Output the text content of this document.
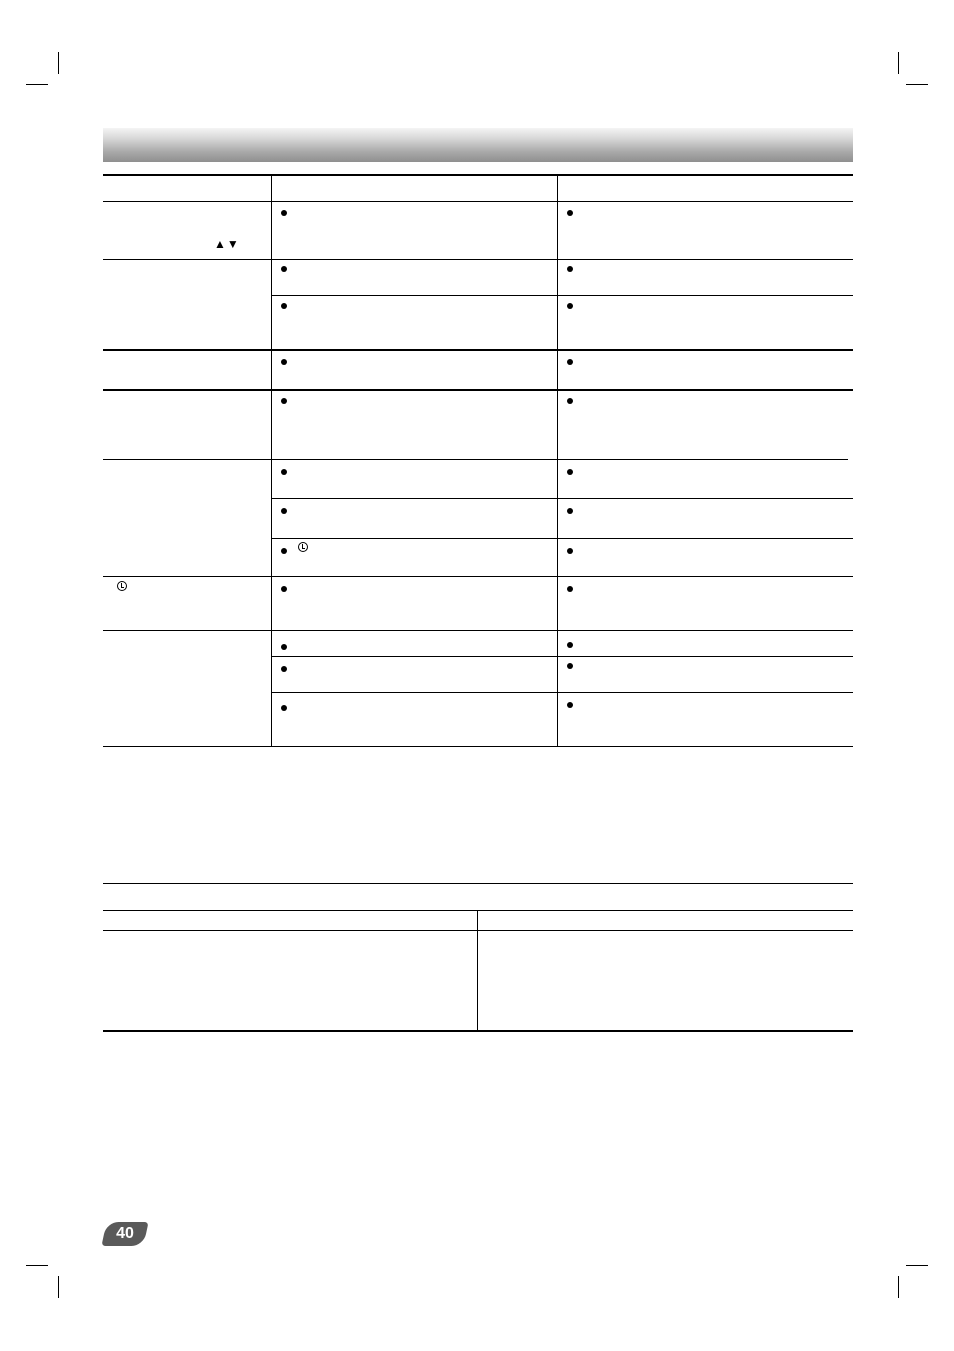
▲▼
40
